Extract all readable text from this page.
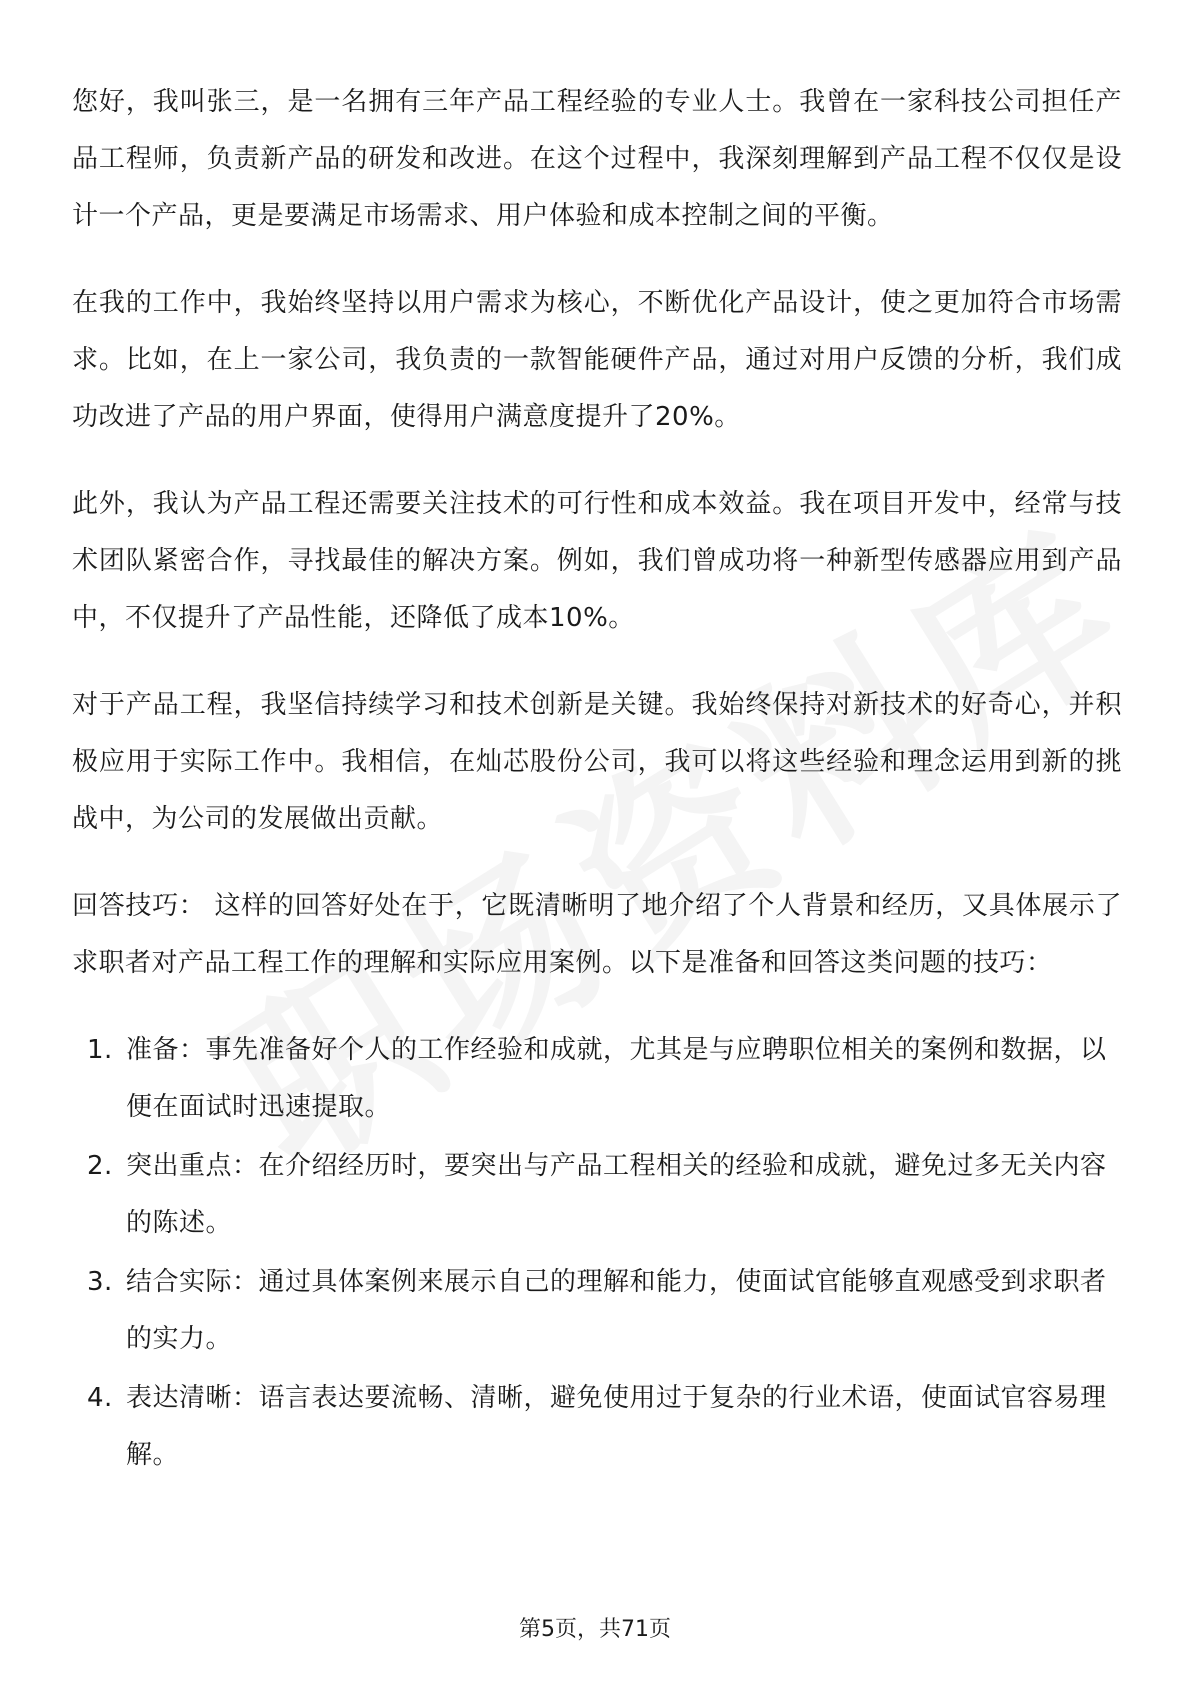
您好，我叫张三，是一名拥有三年产品工程经验的专业人士。我曾在一家科技公司担任产品工程师，负责新产品的研发和改进。在这个过程中，我深刻理解到产品工程不仅仅是设计一个产品，更是要满足市场需求、用户体验和成本控制之间的平衡。

在我的工作中，我始终坚持以用户需求为核心，不断优化产品设计，使之更加符合市场需求。比如，在上一家公司，我负责的一款智能硬件产品，通过对用户反馈的分析，我们成功改进了产品的用户界面，使得用户满意度提升了20%。

此外，我认为产品工程还需要关注技术的可行性和成本效益。我在项目开发中，经常与技术团队紧密合作，寻找最佳的解决方案。例如，我们曾成功将一种新型传感器应用到产品中，不仅提升了产品性能，还降低了成本10%。

对于产品工程，我坚信持续学习和技术创新是关键。我始终保持对新技术的好奇心，并积极应用于实际工作中。我相信，在灿芯股份公司，我可以将这些经验和理念运用到新的挑战中，为公司的发展做出贡献。

回答技巧： 这样的回答好处在于，它既清晰明了地介绍了个人背景和经历，又具体展示了求职者对产品工程工作的理解和实际应用案例。以下是准备和回答这类问题的技巧：

1. 准备：事先准备好个人的工作经验和成就，尤其是与应聘职位相关的案例和数据，以便在面试时迅速提取。
2. 突出重点：在介绍经历时，要突出与产品工程相关的经验和成就，避免过多无关内容的陈述。
3. 结合实际：通过具体案例来展示自己的理解和能力，使面试官能够直观感受到求职者的实力。
4. 表达清晰：语言表达要流畅、清晰，避免使用过于复杂的行业术语，使面试官容易理解。
第5页，共71页
